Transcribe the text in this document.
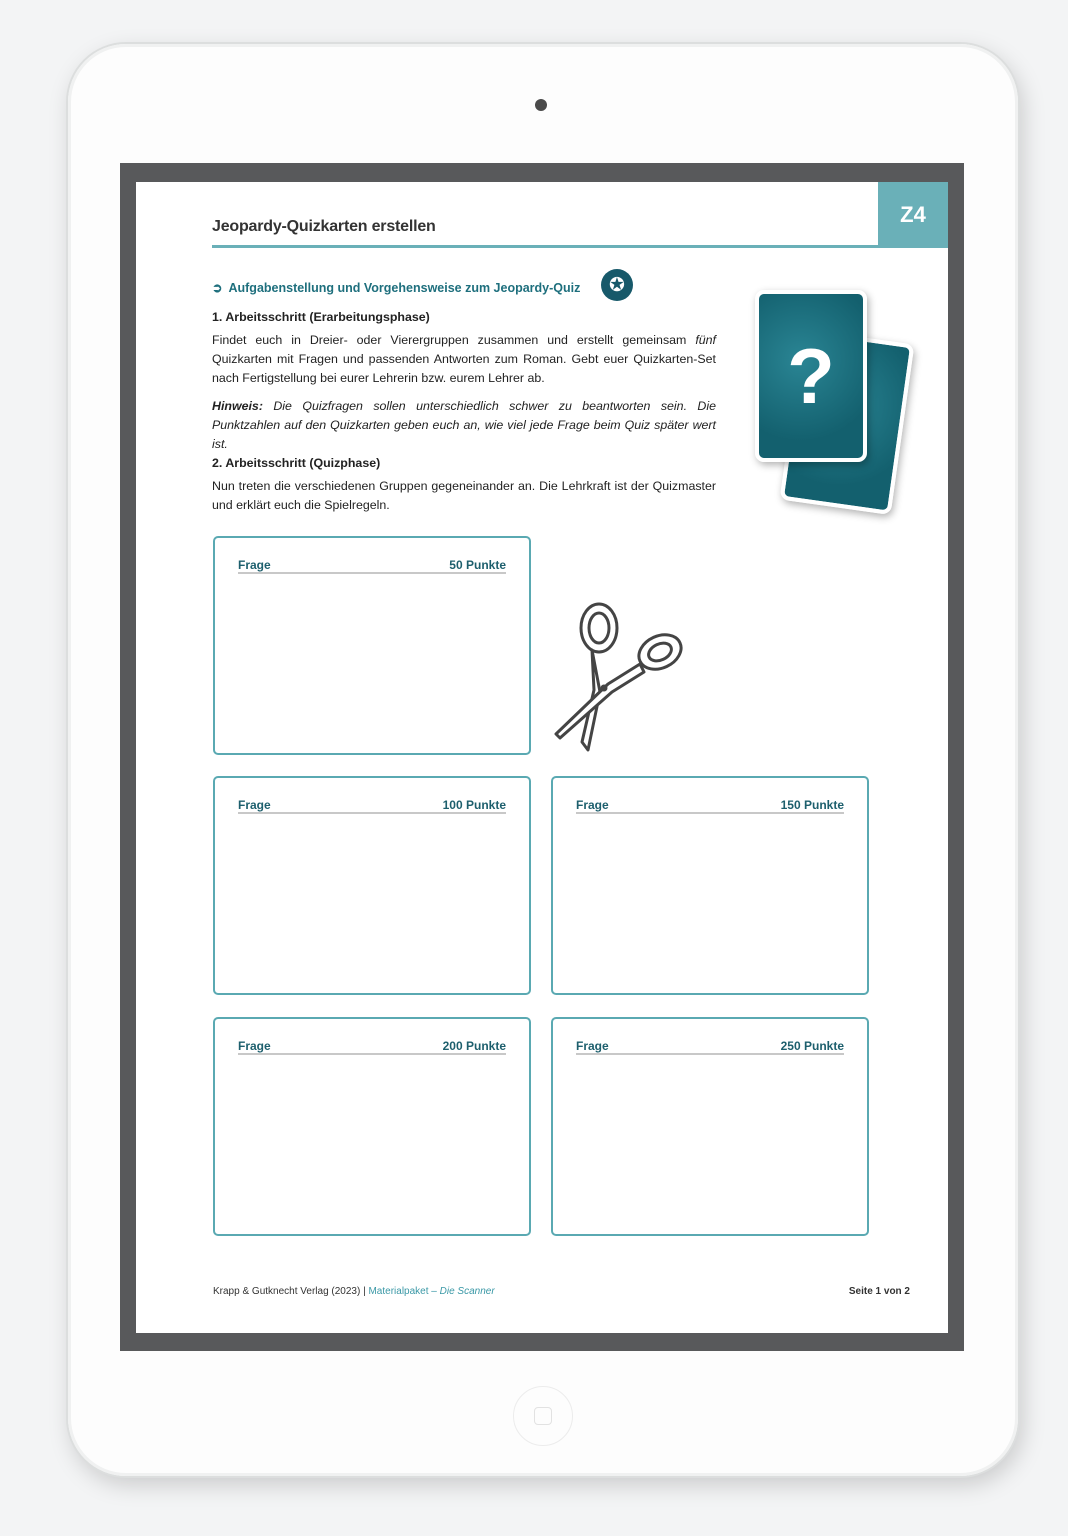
Z4
Jeopardy-Quizkarten erstellen
➲ Aufgabenstellung und Vorgehensweise zum Jeopardy-Quiz	✪
1. Arbeitsschritt (Erarbeitungsphase)
Findet euch in Dreier- oder Vierergruppen zusammen und erstellt gemeinsam fünf Quizkarten mit Fragen und passenden Antworten zum Roman. Gebt euer Quizkarten-Set nach Fertigstellung bei eurer Lehrerin bzw. eurem Lehrer ab.
Hinweis: Die Quizfragen sollen unterschiedlich schwer zu beantworten sein. Die Punktzahlen auf den Quizkarten geben euch an, wie viel jede Frage beim Quiz später wert ist.
2. Arbeitsschritt (Quizphase)
Nun treten die verschiedenen Gruppen gegeneinander an. Die Lehrkraft ist der Quizmaster und erklärt euch die Spielregeln.
?
Frage	50 Punkte
Frage	100 Punkte	Frage	150 Punkte
Frage	200 Punkte	Frage	250 Punkte
Krapp & Gutknecht Verlag (2023) | Materialpaket – Die Scanner	Seite 1 von 2
